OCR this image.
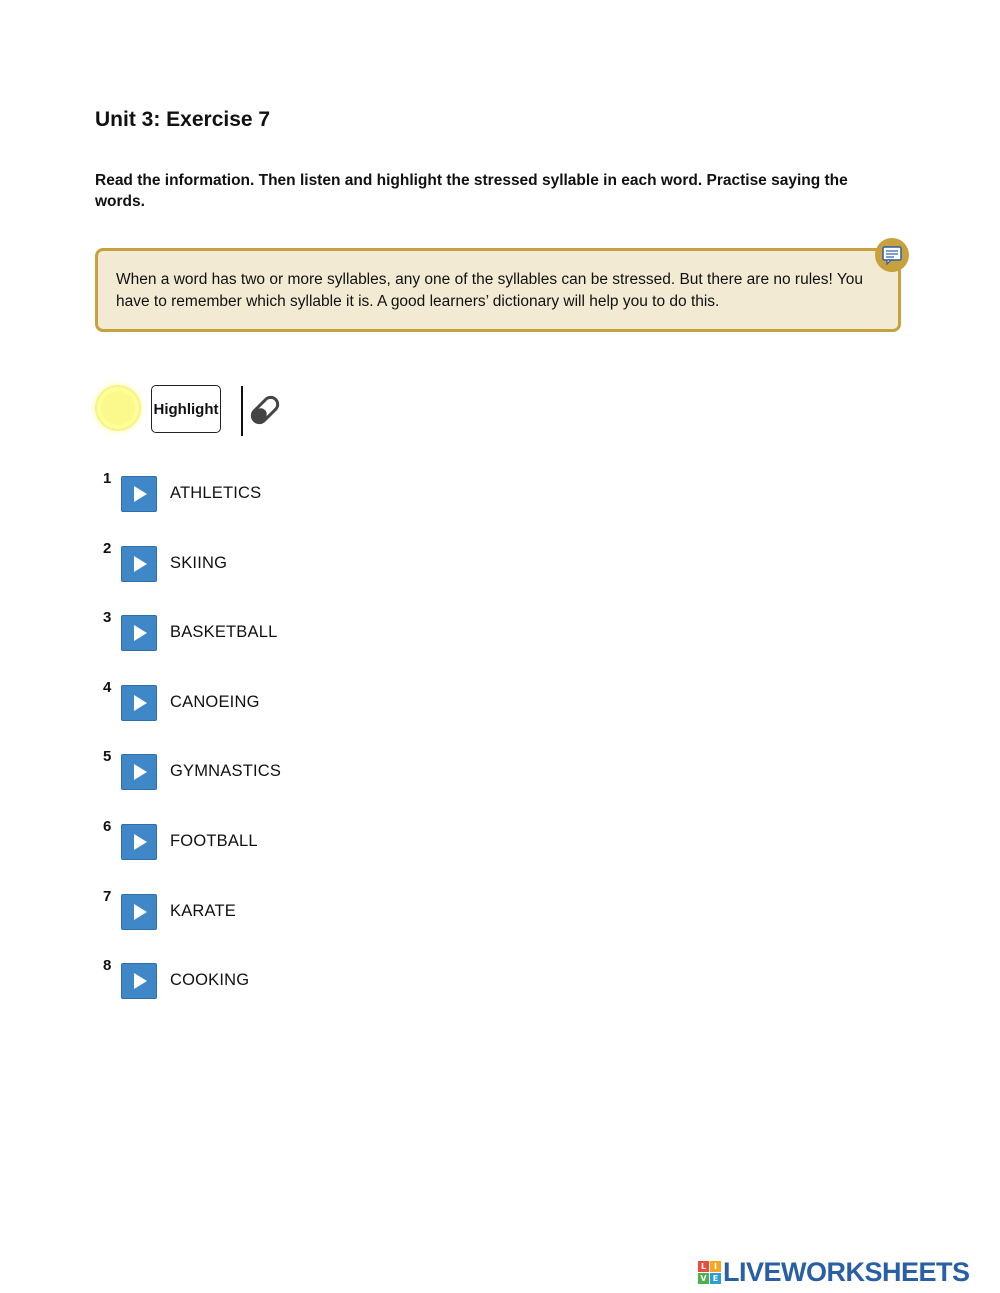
Unit 3: Exercise 7

Read the information. Then listen and highlight the stressed syllable in each word. Practise saying the words.

When a word has two or more syllables, any one of the syllables can be stressed. But there are no rules! You have to remember which syllable it is. A good learners’ dictionary will help you to do this.
Highlight
1
ATHLETICS
2
SKIING
3
BASKETBALL
4
CANOEING
5
GYMNASTICS
6
FOOTBALL
7
KARATE
8
COOKING
L I
V E LIVEWORKSHEETS
